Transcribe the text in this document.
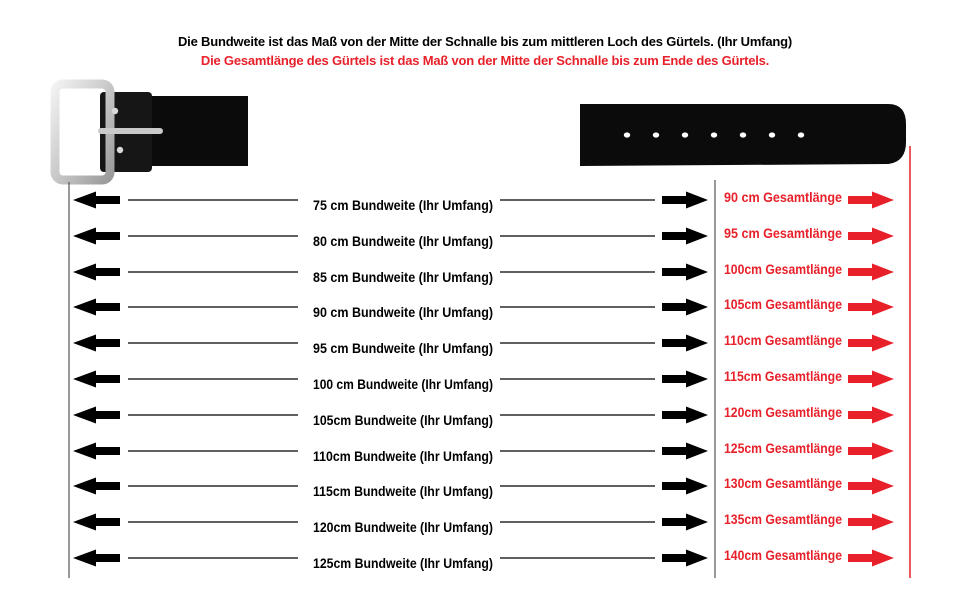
Die Bundweite ist das Maß von der Mitte der Schnalle bis zum mittleren Loch des Gürtels. (Ihr Umfang)
Die Gesamtlänge des Gürtels ist das Maß von der Mitte der Schnalle bis zum Ende des Gürtels.
75 cm Bundweite (Ihr Umfang)	90 cm Gesamtlänge
80 cm Bundweite (Ihr Umfang)	95 cm Gesamtlänge
85 cm Bundweite (Ihr Umfang)	100cm Gesamtlänge
90 cm Bundweite (Ihr Umfang)	105cm Gesamtlänge
95 cm Bundweite (Ihr Umfang)	110cm Gesamtlänge
100 cm Bundweite (Ihr Umfang)	115cm Gesamtlänge
105cm Bundweite (Ihr Umfang)	120cm Gesamtlänge
110cm Bundweite (Ihr Umfang)	125cm Gesamtlänge
115cm Bundweite (Ihr Umfang)	130cm Gesamtlänge
120cm Bundweite (Ihr Umfang)	135cm Gesamtlänge
125cm Bundweite (Ihr Umfang)	140cm Gesamtlänge
